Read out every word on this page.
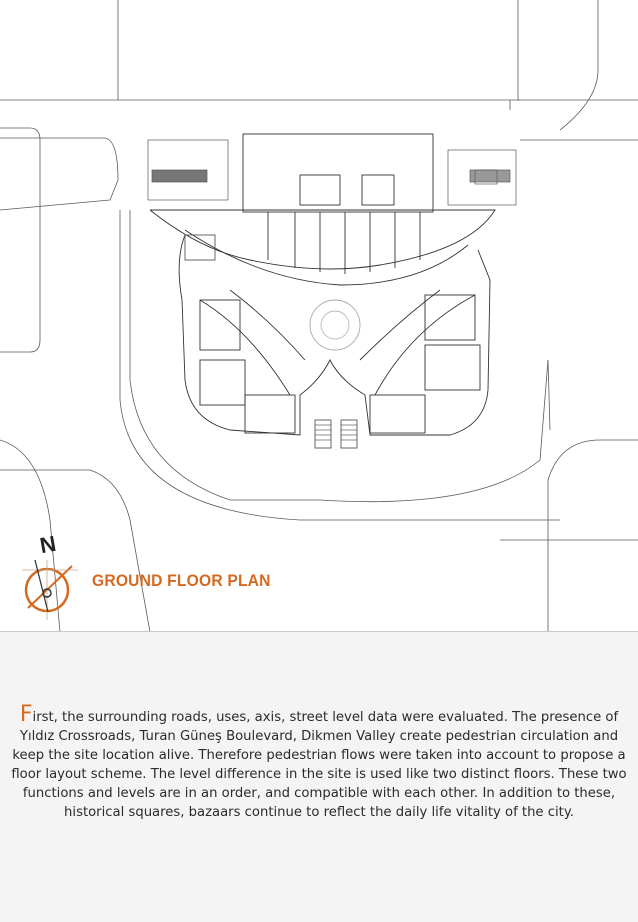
N
GROUND FLOOR PLAN

First, the surrounding roads, uses, axis, street level data were evaluated. The presence of Yıldız Crossroads, Turan Güneş Boulevard, Dikmen Valley create pedestrian circulation and keep the site location alive. Therefore pedestrian flows were taken into account to propose a floor layout scheme. The level difference in the site is used like two distinct floors. These two functions and levels are in an order, and compatible with each other. In addition to these, historical squares, bazaars continue to reflect the daily life vitality of the city.
